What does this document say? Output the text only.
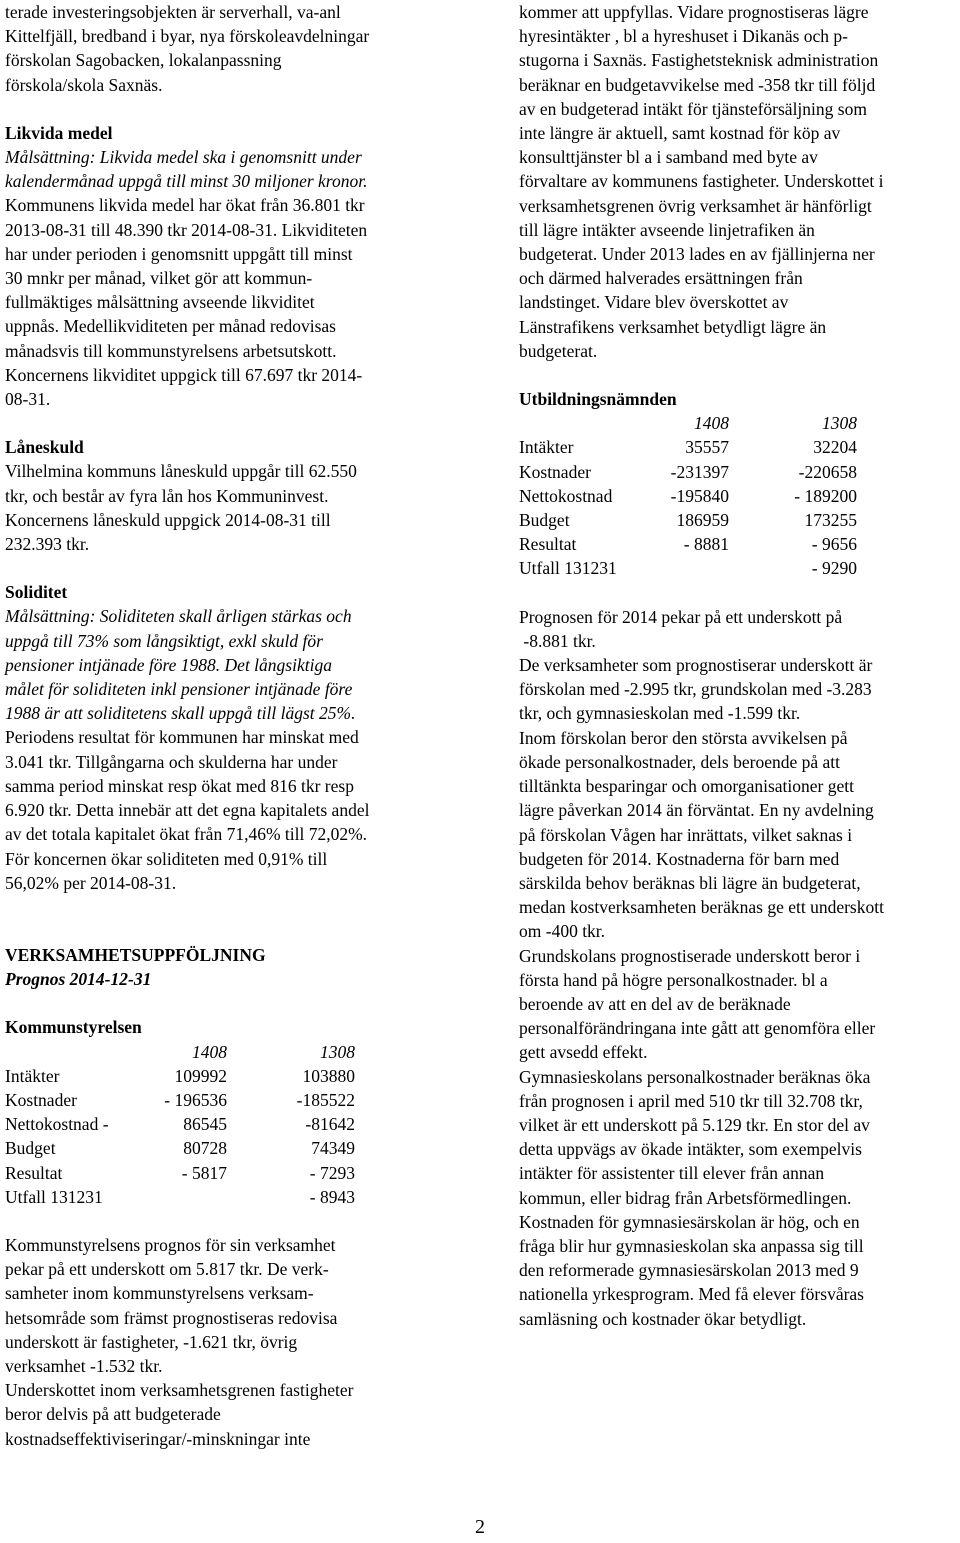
terade investeringsobjekten är serverhall, va-anl
Kittelfjäll, bredband i byar, nya förskoleavdelningar
förskolan Sagobacken, lokalanpassning
förskola/skola Saxnäs.

Likvida medel

Målsättning: Likvida medel ska i genomsnitt under
kalendermånad uppgå till minst 30 miljoner kronor.
Kommunens likvida medel har ökat från 36.801 tkr
2013-08-31 till 48.390 tkr 2014-08-31. Likviditeten
har under perioden i genomsnitt uppgått till minst
30 mnkr per månad, vilket gör att kommun-
fullmäktiges målsättning avseende likviditet
uppnås. Medellikviditeten per månad redovisas
månadsvis till kommunstyrelsens arbetsutskott.
Koncernens likviditet uppgick till 67.697 tkr 2014-
08-31.

Låneskuld

Vilhelmina kommuns låneskuld uppgår till 62.550
tkr, och består av fyra lån hos Kommuninvest.
Koncernens låneskuld uppgick 2014-08-31 till
232.393 tkr.

Soliditet

Målsättning: Soliditeten skall årligen stärkas och
uppgå till 73% som långsiktigt, exkl skuld för
pensioner intjänade före 1988. Det långsiktiga
målet för soliditeten inkl pensioner intjänade före
1988 är att soliditetens skall uppgå till lägst 25%.
Periodens resultat för kommunen har minskat med
3.041 tkr. Tillgångarna och skulderna har under
samma period minskat resp ökat med 816 tkr resp
6.920 tkr. Detta innebär att det egna kapitalets andel
av det totala kapitalet ökat från 71,46% till 72,02%.
För koncernen ökar soliditeten med 0,91% till
56,02% per 2014-08-31.

VERKSAMHETSUPPFÖLJNING

Prognos 2014-12-31

Kommunstyrelsen

	1408	1308
Intäkter	109992	103880
Kostnader	- 196536	-185522
Nettokostnad -	86545	-81642
Budget	80728	74349
Resultat	- 5817	- 7293
Utfall 131231		- 8943
Kommunstyrelsens prognos för sin verksamhet
pekar på ett underskott om 5.817 tkr. De verk-
samheter inom kommunstyrelsens verksam-
hetsområde som främst prognostiseras redovisa
underskott är fastigheter, -1.621 tkr, övrig
verksamhet -1.532 tkr.
Underskottet inom verksamhetsgrenen fastigheter
beror delvis på att budgeterade
kostnadseffektiviseringar/-minskningar inte
kommer att uppfyllas. Vidare prognostiseras lägre
hyresintäkter , bl a hyreshuset i Dikanäs och p-
stugorna i Saxnäs. Fastighetsteknisk administration
beräknar en budgetavvikelse med -358 tkr till följd
av en budgeterad intäkt för tjänsteförsäljning som
inte längre är aktuell, samt kostnad för köp av
konsulttjänster bl a i samband med byte av
förvaltare av kommunens fastigheter. Underskottet i
verksamhetsgrenen övrig verksamhet är hänförligt
till lägre intäkter avseende linjetrafiken än
budgeterat. Under 2013 lades en av fjällinjerna ner
och därmed halverades ersättningen från
landstinget. Vidare blev överskottet av
Länstrafikens verksamhet betydligt lägre än
budgeterat.

Utbildningsnämnden

	1408	1308
Intäkter	35557	32204
Kostnader	-231397	-220658
Nettokostnad	-195840	- 189200
Budget	186959	173255
Resultat	- 8881	- 9656
Utfall 131231		- 9290
Prognosen för 2014 pekar på ett underskott på
-8.881 tkr.
De verksamheter som prognostiserar underskott är
förskolan med -2.995 tkr, grundskolan med -3.283
tkr, och gymnasieskolan med -1.599 tkr.
Inom förskolan beror den största avvikelsen på
ökade personalkostnader, dels beroende på att
tilltänkta besparingar och omorganisationer gett
lägre påverkan 2014 än förväntat. En ny avdelning
på förskolan Vågen har inrättats, vilket saknas i
budgeten för 2014. Kostnaderna för barn med
särskilda behov beräknas bli lägre än budgeterat,
medan kostverksamheten beräknas ge ett underskott
om -400 tkr.
Grundskolans prognostiserade underskott beror i
första hand på högre personalkostnader. bl a
beroende av att en del av de beräknade
personalförändringana inte gått att genomföra eller
gett avsedd effekt.
Gymnasieskolans personalkostnader beräknas öka
från prognosen i april med 510 tkr till 32.708 tkr,
vilket är ett underskott på 5.129 tkr. En stor del av
detta uppvägs av ökade intäkter, som exempelvis
intäkter för assistenter till elever från annan
kommun, eller bidrag från Arbetsförmedlingen.
Kostnaden för gymnasiesärskolan är hög, och en
fråga blir hur gymnasieskolan ska anpassa sig till
den reformerade gymnasiesärskolan 2013 med 9
nationella yrkesprogram. Med få elever försvåras
samläsning och kostnader ökar betydligt.
2
